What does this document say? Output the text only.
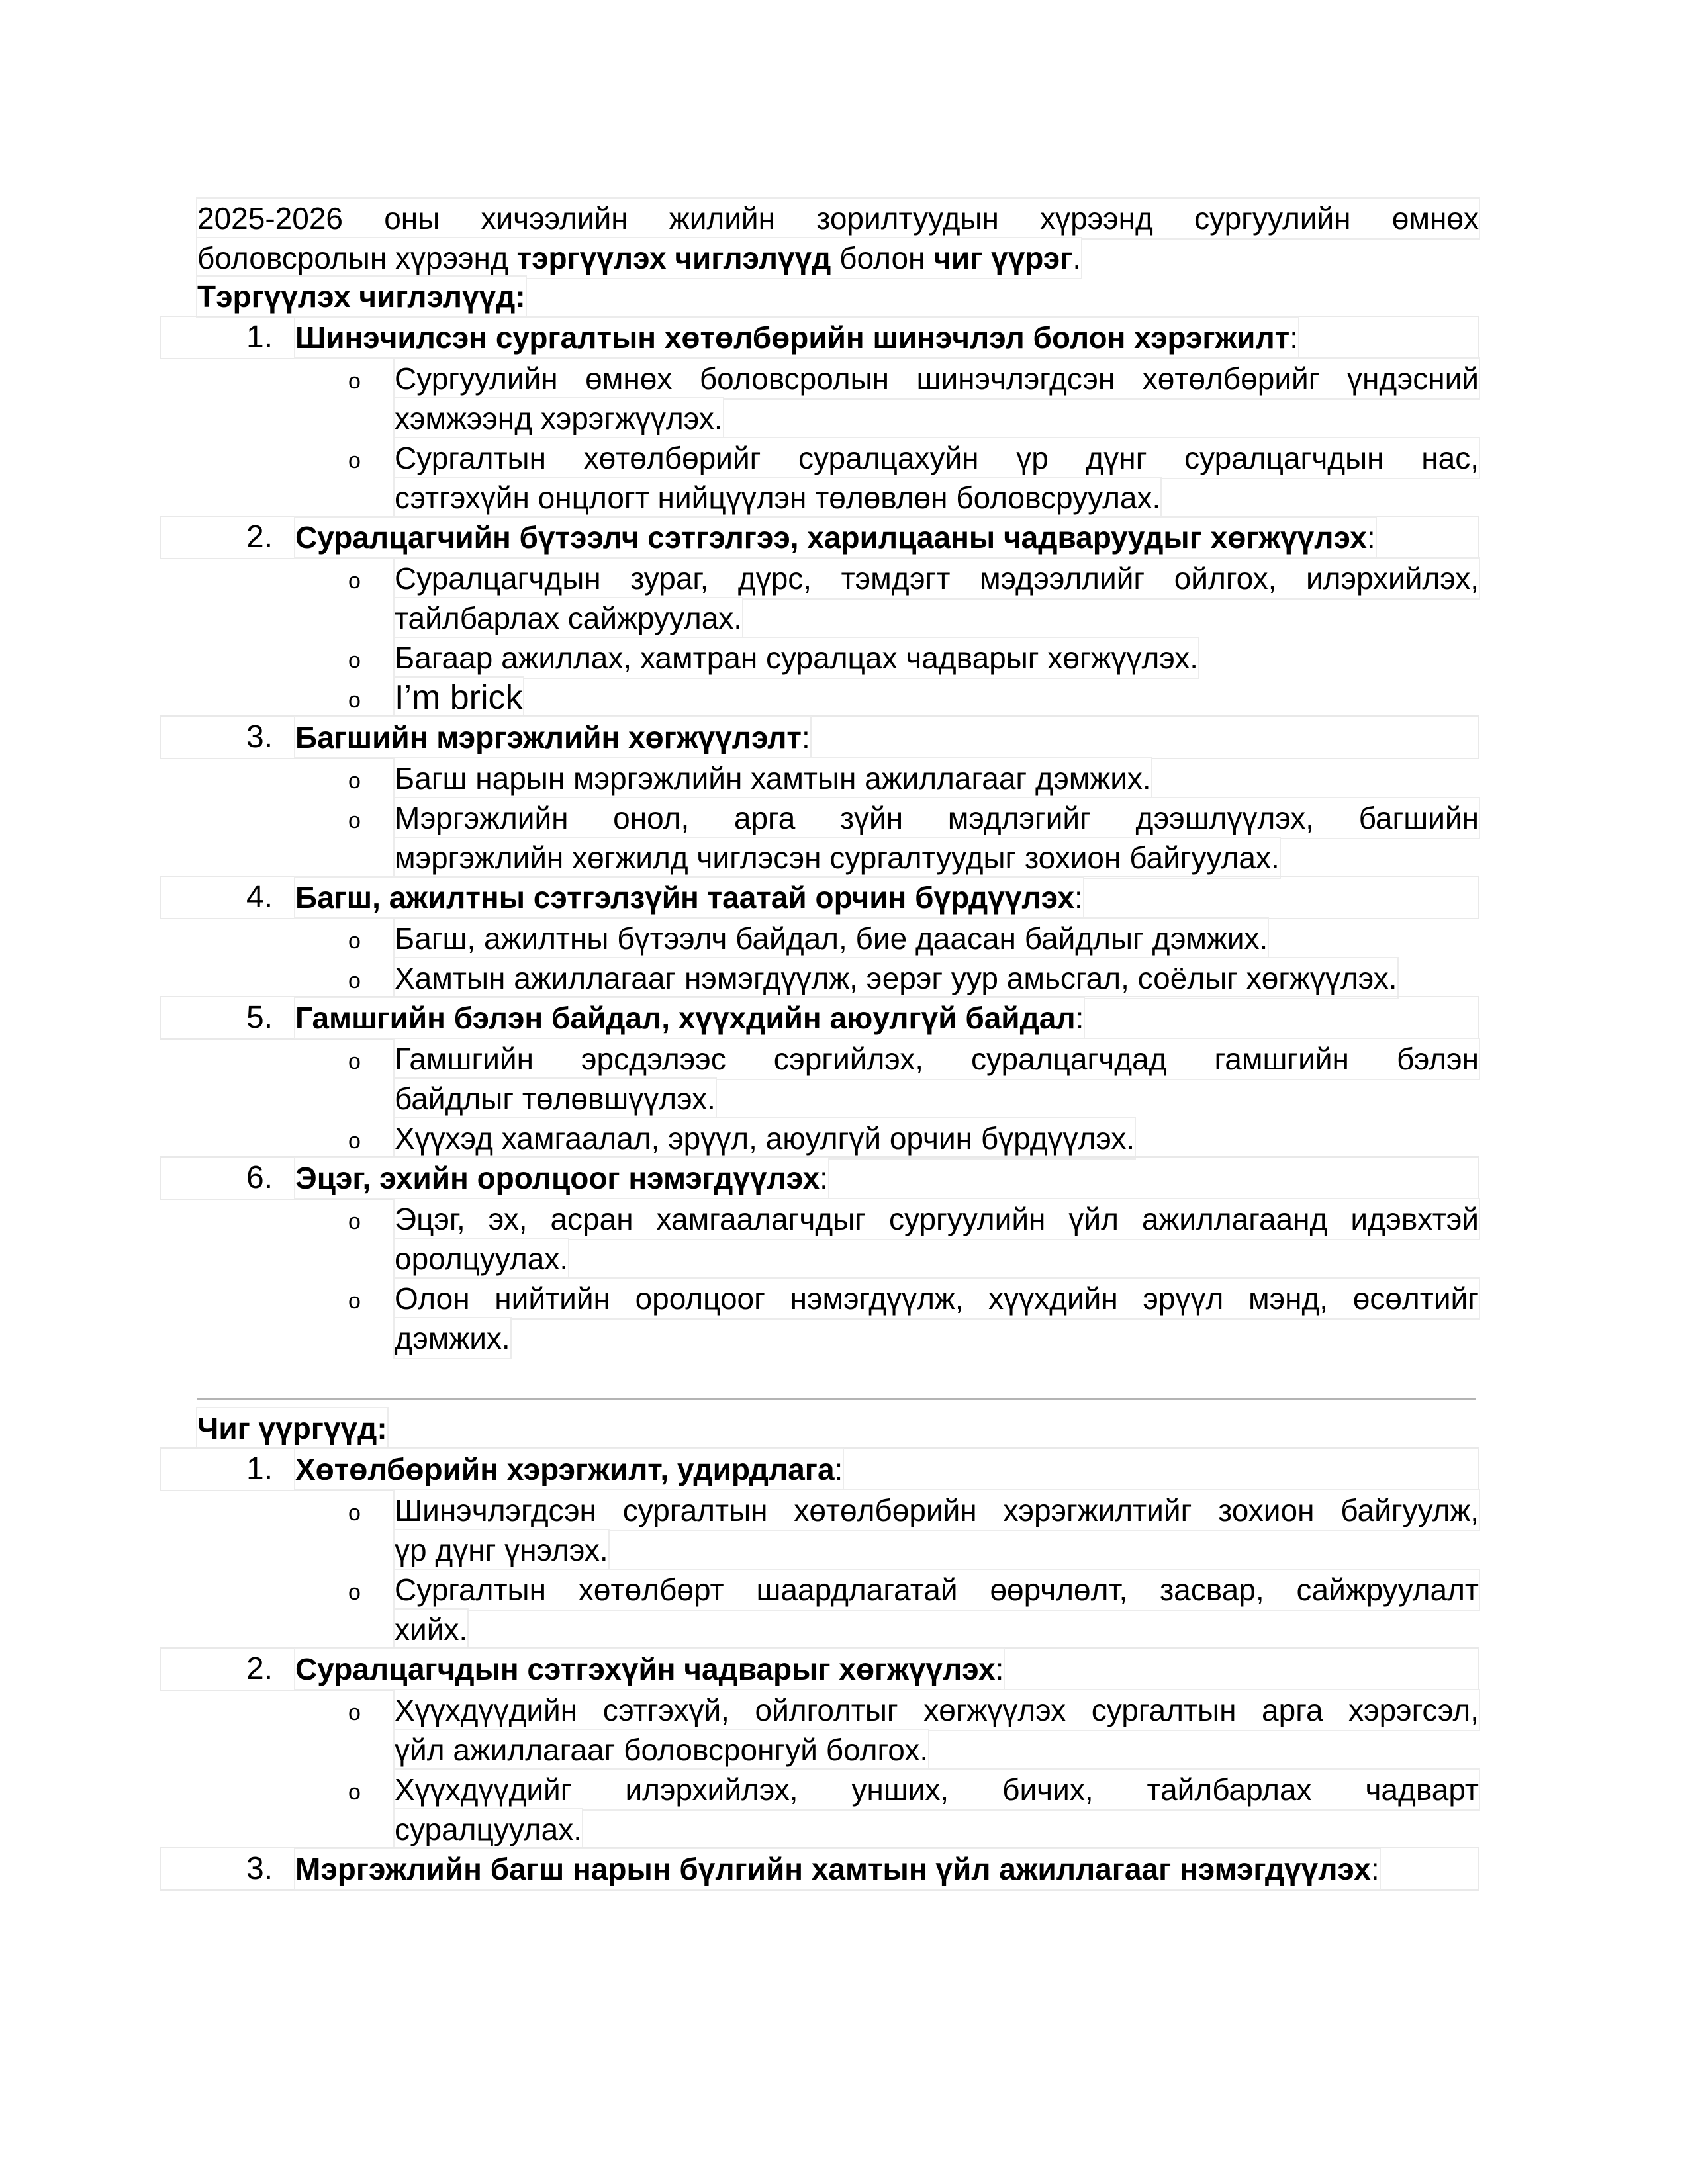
2025-2026 оны хичээлийн жилийн зорилтуудын хүрээнд сургуулийн өмнөх
боловсролын хүрээнд тэргүүлэх чиглэлүүд болон чиг үүрэг.
Тэргүүлэх чиглэлүүд:
1. Шинэчилсэн сургалтын хөтөлбөрийн шинэчлэл болон хэрэгжилт:
o Сургуулийн өмнөх боловсролын шинэчлэгдсэн хөтөлбөрийг үндэсний
хэмжээнд хэрэгжүүлэх.
o Сургалтын хөтөлбөрийг суралцахуйн үр дүнг суралцагчдын нас,
сэтгэхүйн онцлогт нийцүүлэн төлөвлөн боловсруулах.
2. Суралцагчийн бүтээлч сэтгэлгээ, харилцааны чадваруудыг хөгжүүлэх:
o Суралцагчдын зураг, дүрс, тэмдэгт мэдээллийг ойлгох, илэрхийлэх,
тайлбарлах сайжруулах.
o Багаар ажиллах, хамтран суралцах чадварыг хөгжүүлэх.
o I’m brick
3. Багшийн мэргэжлийн хөгжүүлэлт:
o Багш нарын мэргэжлийн хамтын ажиллагааг дэмжих.
o Мэргэжлийн онол, арга зүйн мэдлэгийг дээшлүүлэх, багшийн
мэргэжлийн хөгжилд чиглэсэн сургалтуудыг зохион байгуулах.
4. Багш, ажилтны сэтгэлзүйн таатай орчин бүрдүүлэх:
o Багш, ажилтны бүтээлч байдал, бие даасан байдлыг дэмжих.
o Хамтын ажиллагааг нэмэгдүүлж, эерэг уур амьсгал, соёлыг хөгжүүлэх.
5. Гамшгийн бэлэн байдал, хүүхдийн аюулгүй байдал:
o Гамшгийн эрсдэлээс сэргийлэх, суралцагчдад гамшгийн бэлэн
байдлыг төлөвшүүлэх.
o Хүүхэд хамгаалал, эрүүл, аюулгүй орчин бүрдүүлэх.
6. Эцэг, эхийн оролцоог нэмэгдүүлэх:
o Эцэг, эх, асран хамгаалагчдыг сургуулийн үйл ажиллагаанд идэвхтэй
оролцуулах.
o Олон нийтийн оролцоог нэмэгдүүлж, хүүхдийн эрүүл мэнд, өсөлтийг
дэмжих.
Чиг үүргүүд:
1. Хөтөлбөрийн хэрэгжилт, удирдлага:
o Шинэчлэгдсэн сургалтын хөтөлбөрийн хэрэгжилтийг зохион байгуулж,
үр дүнг үнэлэх.
o Сургалтын хөтөлбөрт шаардлагатай өөрчлөлт, засвар, сайжруулалт
хийх.
2. Суралцагчдын сэтгэхүйн чадварыг хөгжүүлэх:
o Хүүхдүүдийн сэтгэхүй, ойлголтыг хөгжүүлэх сургалтын арга хэрэгсэл,
үйл ажиллагааг боловсронгуй болгох.
o Хүүхдүүдийг илэрхийлэх, унших, бичих, тайлбарлах чадварт
суралцуулах.
3. Мэргэжлийн багш нарын бүлгийн хамтын үйл ажиллагааг нэмэгдүүлэх:
